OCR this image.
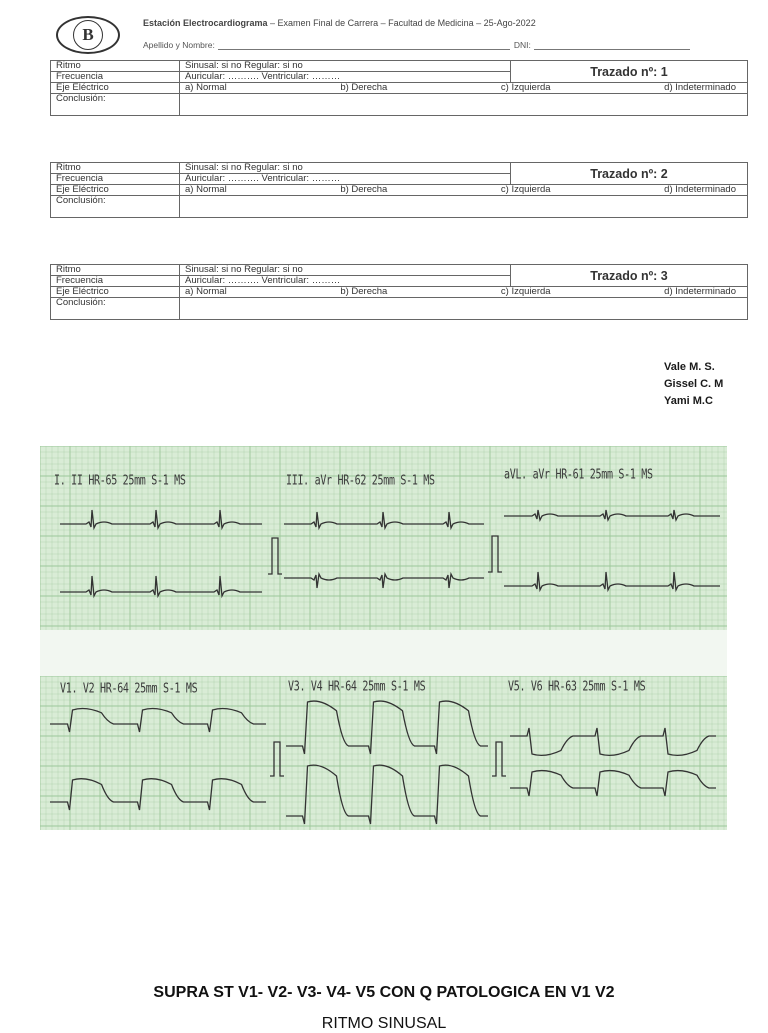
B
Estación Electrocardiograma – Examen Final de Carrera – Facultad de Medicina – 25-Ago-2022
Apellido y Nombre:	DNI:
Ritmo	Sinusal: si no Regular: si no	Trazado nº: 1
Frecuencia	Auricular: ………. Ventricular: ………	
Eje Eléctrico	a) Normal b) Derecha c) Izquierda d) Indeterminado	

Conclusión:		
Ritmo	Sinusal: si no Regular: si no	Trazado nº: 2
Frecuencia	Auricular: ………. Ventricular: ………	
Eje Eléctrico	a) Normal b) Derecha c) Izquierda d) Indeterminado	

Conclusión:		
Ritmo	Sinusal: si no Regular: si no	Trazado nº: 3
Frecuencia	Auricular: ………. Ventricular: ………	
Eje Eléctrico	a) Normal b) Derecha c) Izquierda d) Indeterminado	

Conclusión:		
Vale M. S.
Gissel C. M
Yami M.C
I. II HR-65 25mm S-1 MS	III. aVr HR-62 25mm S-1 MS	aVL. aVr HR-61 25mm S-1 MS
V1. V2 HR-64 25mm S-1 MS	V3. V4 HR-64 25mm S-1 MS	V5. V6 HR-63 25mm S-1 MS
SUPRA ST V1- V2- V3- V4- V5 CON Q PATOLOGICA EN V1 V2
RITMO SINUSAL
